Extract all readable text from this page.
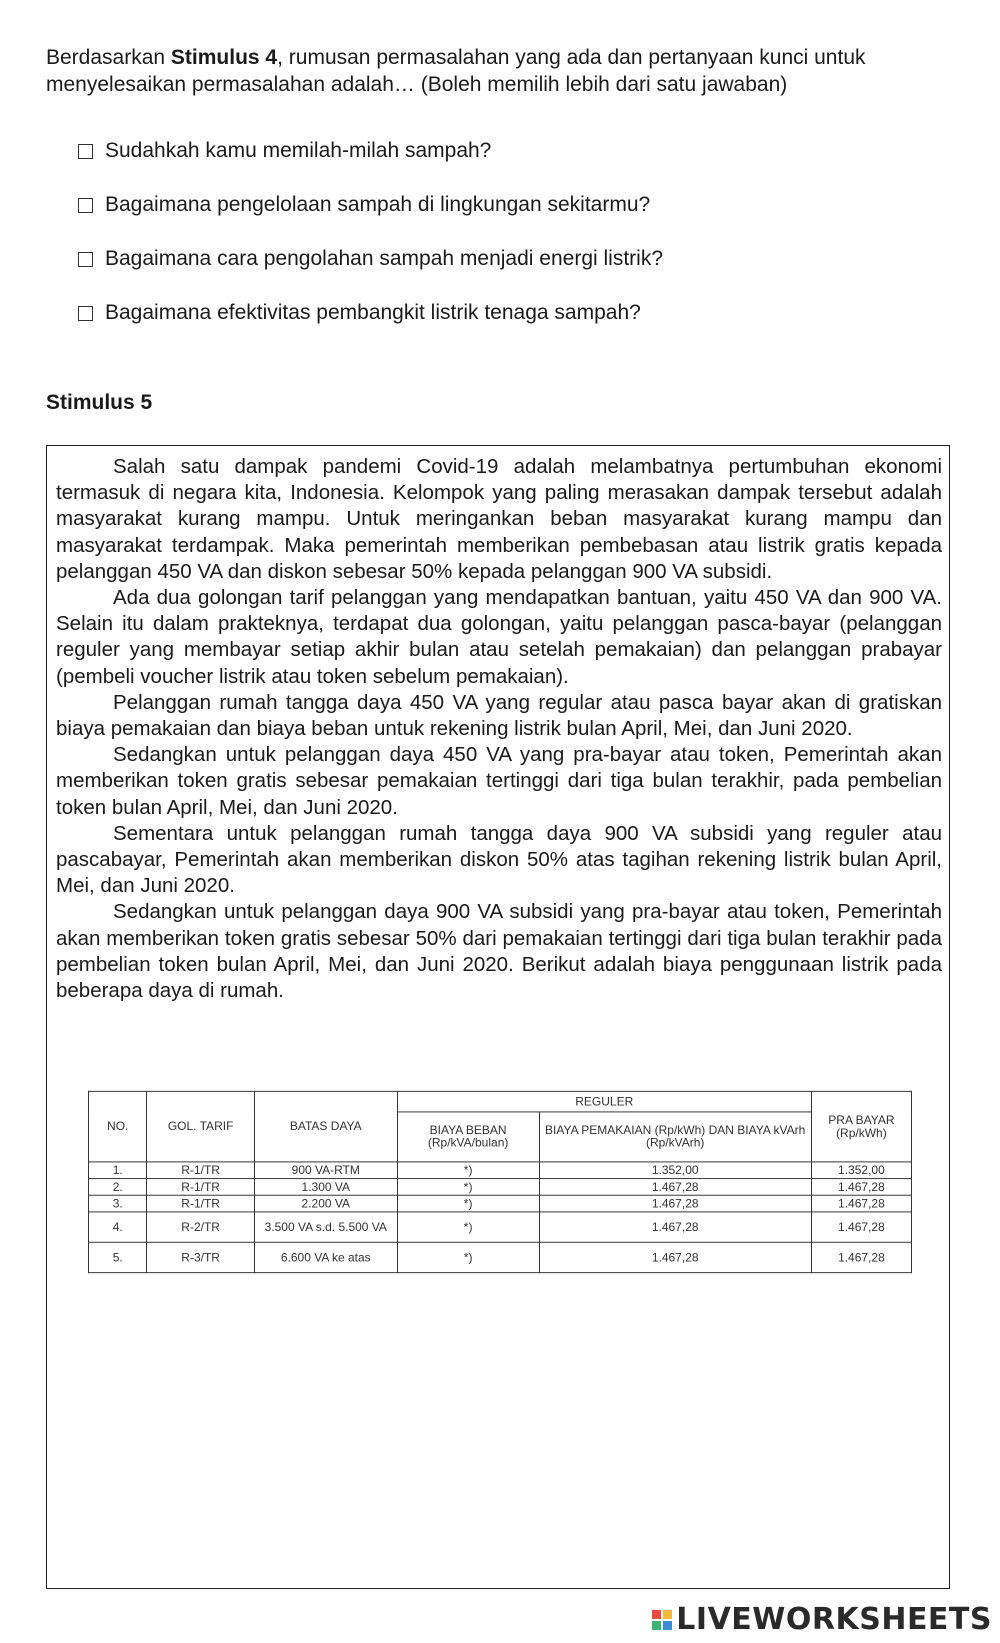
Berdasarkan Stimulus 4, rumusan permasalahan yang ada dan pertanyaan kunci untuk menyelesaikan permasalahan adalah… (Boleh memilih lebih dari satu jawaban)
Sudahkah kamu memilah-milah sampah?
Bagaimana pengelolaan sampah di lingkungan sekitarmu?
Bagaimana cara pengolahan sampah menjadi energi listrik?
Bagaimana efektivitas pembangkit listrik tenaga sampah?
Stimulus 5

Salah satu dampak pandemi Covid-19 adalah melambatnya pertumbuhan ekonomi termasuk di negara kita, Indonesia. Kelompok yang paling merasakan dampak tersebut adalah masyarakat kurang mampu. Untuk meringankan beban masyarakat kurang mampu dan masyarakat terdampak. Maka pemerintah memberikan pembebasan atau listrik gratis kepada pelanggan 450 VA dan diskon sebesar 50% kepada pelanggan 900 VA subsidi.

Ada dua golongan tarif pelanggan yang mendapatkan bantuan, yaitu 450 VA dan 900 VA. Selain itu dalam prakteknya, terdapat dua golongan, yaitu pelanggan pasca-bayar (pelanggan reguler yang membayar setiap akhir bulan atau setelah pemakaian) dan pelanggan prabayar (pembeli voucher listrik atau token sebelum pemakaian).

Pelanggan rumah tangga daya 450 VA yang regular atau pasca bayar akan di gratiskan biaya pemakaian dan biaya beban untuk rekening listrik bulan April, Mei, dan Juni 2020.

Sedangkan untuk pelanggan daya 450 VA yang pra-bayar atau token, Pemerintah akan memberikan token gratis sebesar pemakaian tertinggi dari tiga bulan terakhir, pada pembelian token bulan April, Mei, dan Juni 2020.

Sementara untuk pelanggan rumah tangga daya 900 VA subsidi yang reguler atau pascabayar, Pemerintah akan memberikan diskon 50% atas tagihan rekening listrik bulan April, Mei, dan Juni 2020.

Sedangkan untuk pelanggan daya 900 VA subsidi yang pra-bayar atau token, Pemerintah akan memberikan token gratis sebesar 50% dari pemakaian tertinggi dari tiga bulan terakhir pada pembelian token bulan April, Mei, dan Juni 2020. Berikut adalah biaya penggunaan listrik pada beberapa daya di rumah.

NO.	GOL. TARIF	BATAS DAYA	REGULER		PRA BAYAR (Rp/kWh)
			BIAYA BEBAN (Rp/kVA/bulan)	BIAYA PEMAKAIAN (Rp/kWh) DAN BIAYA kVArh (Rp/kVArh)	
1.	R-1/TR	900 VA-RTM	*)	1.352,00	1.352,00
2.	R-1/TR	1.300 VA	*)	1.467,28	1.467,28
3.	R-1/TR	2.200 VA	*)	1.467,28	1.467,28
4.	R-2/TR	3.500 VA s.d. 5.500 VA	*)	1.467,28	1.467,28
5.	R-3/TR	6.600 VA ke atas	*)	1.467,28	1.467,28
LIVEWORKSHEETS
